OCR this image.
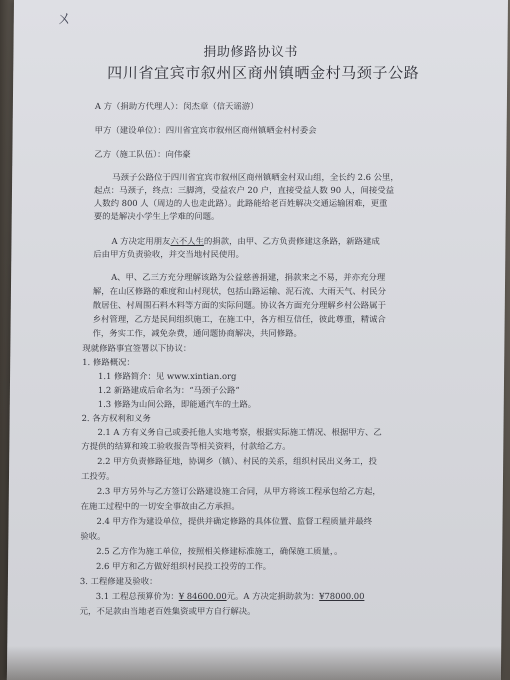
ㄨ
捐助修路协议书
四川省宜宾市叙州区商州镇晒金村马颈子公路
A 方（捐助方代理人）：闵杰章（信天谣游）
甲方（建设单位）：四川省宜宾市叙州区商州镇晒金村村委会
乙方（施工队伍）：向伟豪
马颈子公路位于四川省宜宾市叙州区商州镇晒金村双山组，全长约 2.6 公里，
起点：马颈子，终点：三脚湾，受益农户 20 户，直接受益人数 90 人，间接受益
人数约 800 人（周边的人也走此路）。此路能给老百姓解决交通运输困难，更重
要的是解决小学生上学难的问题。
A 方决定用朋友六不人生的捐款，由甲、乙方负责修建这条路，新路建成
后由甲方负责验收，并交当地村民使用。
A、甲、乙三方充分理解该路为公益慈善捐建，捐款来之不易，并亦充分理
解，在山区修路的难度和山村现状，包括山路运输、泥石流、大雨天气、村民分
散居住、村周围石料木料等方面的实际问题。协议各方面充分理解乡村公路属于
乡村管理，乙方是民间组织施工，在施工中，各方相互信任，彼此尊重，精诚合
作，务实工作，减免杂费，通问题协商解决，共同修路。
现就修路事宜签署以下协议：
1. 修路概况：
1.1 修路简介：见 www.xintian.org
1.2 新路建成后命名为：“马颈子公路”
1.3 修路为山间公路，即能通汽车的土路。
2. 各方权利和义务
2.1 A 方有义务自己或委托他人实地考察，根据实际施工情况、根据甲方、乙
方提供的结算和竣工验收报告等相关资料，付款给乙方。
2.2 甲方负责修路征地，协调乡（镇）、村民的关系，组织村民出义务工，投
工投劳。
2.3 甲方另外与乙方签订公路建设施工合同，从甲方将该工程承包给乙方起，
在施工过程中的一切安全事故由乙方承担。
2.4 甲方作为建设单位，提供并确定修路的具体位置、监督工程质量并最终
验收。
2.5 乙方作为施工单位，按照相关修建标准施工，确保施工质量，。
2.6 甲方和乙方做好组织村民投工投劳的工作。
3. 工程修建及验收：
3.1 工程总预算价为：¥ 84600.00元。A 方决定捐助款为：¥78000.00
元，不足款由当地老百姓集资或甲方自行解决。
